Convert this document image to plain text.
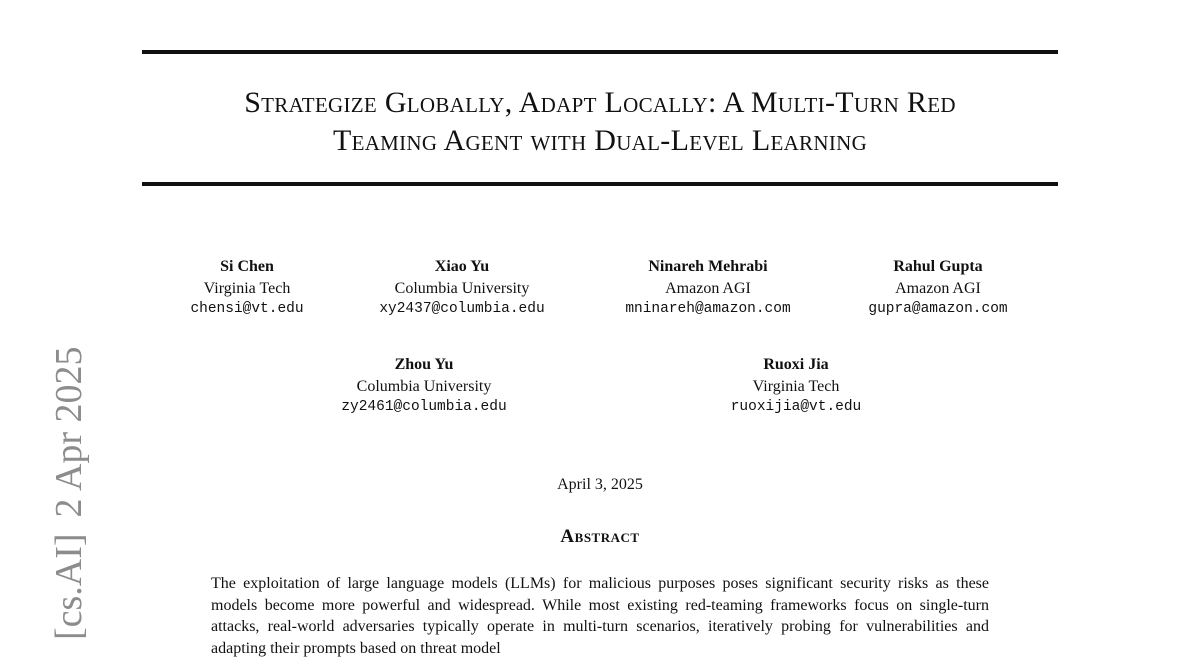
Strategize Globally, Adapt Locally: A Multi-Turn Red
Teaming Agent with Dual-Level Learning
Si Chen
Virginia Tech
chensi@vt.edu
Xiao Yu
Columbia University
xy2437@columbia.edu
Ninareh Mehrabi
Amazon AGI
mninareh@amazon.com
Rahul Gupta
Amazon AGI
gupra@amazon.com
Zhou Yu
Columbia University
zy2461@columbia.edu
Ruoxi Jia
Virginia Tech
ruoxijia@vt.edu
April 3, 2025
Abstract

The exploitation of large language models (LLMs) for malicious purposes poses significant security risks as these models become more powerful and widespread. While most existing red-teaming frameworks focus on single-turn attacks, real-world adversaries typically operate in multi-turn scenarios, iteratively probing for vulnerabilities and adapting their prompts based on threat model

[cs.AI]2 Apr 2025
